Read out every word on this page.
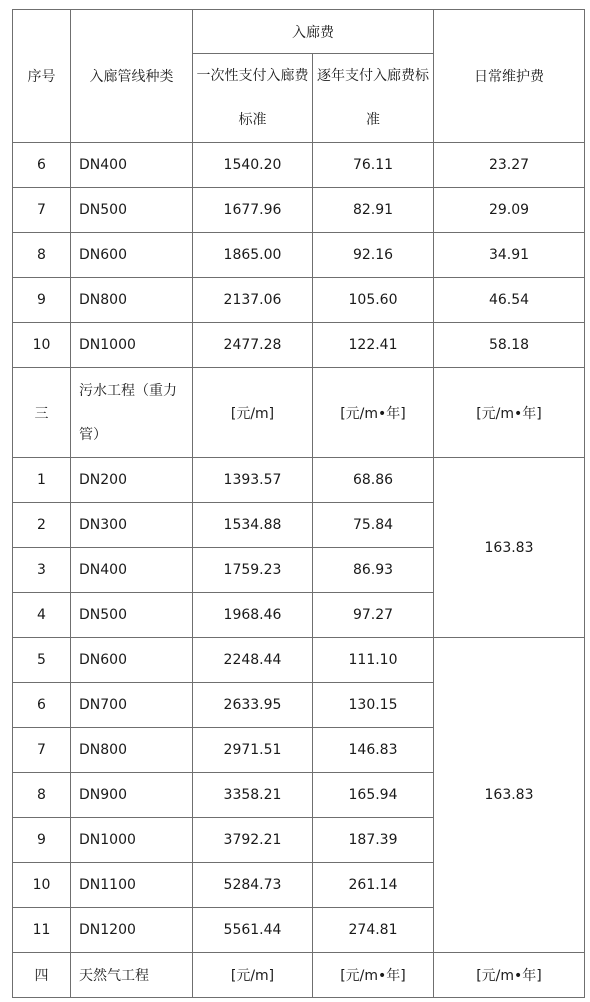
序号	入廊管线种类	入廊费		日常维护费
		一次性支付入廊费标准	逐年支付入廊费标准	
6	DN400	1540.20	76.11	23.27
7	DN500	1677.96	82.91	29.09
8	DN600	1865.00	92.16	34.91
9	DN800	2137.06	105.60	46.54
10	DN1000	2477.28	122.41	58.18
三	污水工程（重力管）	[元/m]	[元/m•年]	[元/m•年]
1	DN200	1393.57	68.86	163.83
2	DN300	1534.88	75.84	
3	DN400	1759.23	86.93	
4	DN500	1968.46	97.27	
5	DN600	2248.44	111.10	163.83
6	DN700	2633.95	130.15	
7	DN800	2971.51	146.83	
8	DN900	3358.21	165.94	
9	DN1000	3792.21	187.39	
10	DN1100	5284.73	261.14	
11	DN1200	5561.44	274.81	
四	天然气工程	[元/m]	[元/m•年]	[元/m•年]
